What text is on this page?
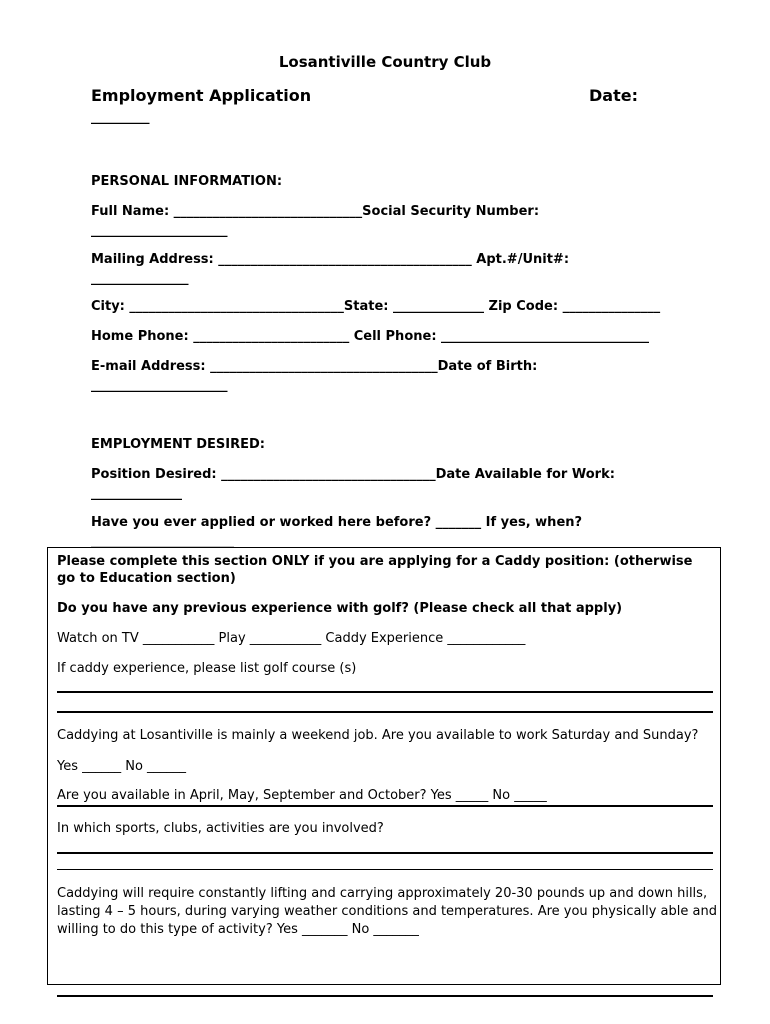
Losantiville Country Club
Employment Application	Date:
_________
PERSONAL INFORMATION:
Full Name: _____________________________Social Security Number:
_____________________
Mailing Address: _______________________________________ Apt.#/Unit#:
_______________
City: _________________________________State: ______________ Zip Code: _______________
Home Phone: ________________________ Cell Phone: ________________________________
E-mail Address: ___________________________________Date of Birth:
_____________________
EMPLOYMENT DESIRED:
Position Desired: _________________________________Date Available for Work:
______________
Have you ever applied or worked here before? _______ If yes, when?
______________________
Please complete this section ONLY if you are applying for a Caddy position: (otherwise go to Education section)
Do you have any previous experience with golf? (Please check all that apply)
Watch on TV ___________ Play ___________ Caddy Experience ____________
If caddy experience, please list golf course (s)
Caddying at Losantiville is mainly a weekend job. Are you available to work Saturday and Sunday?
Yes ______ No ______
Are you available in April, May, September and October? Yes _____ No _____
In which sports, clubs, activities are you involved?
Caddying will require constantly lifting and carrying approximately 20-30 pounds up and down hills, lasting 4 – 5 hours, during varying weather conditions and temperatures. Are you physically able and willing to do this type of activity? Yes _______ No _______
